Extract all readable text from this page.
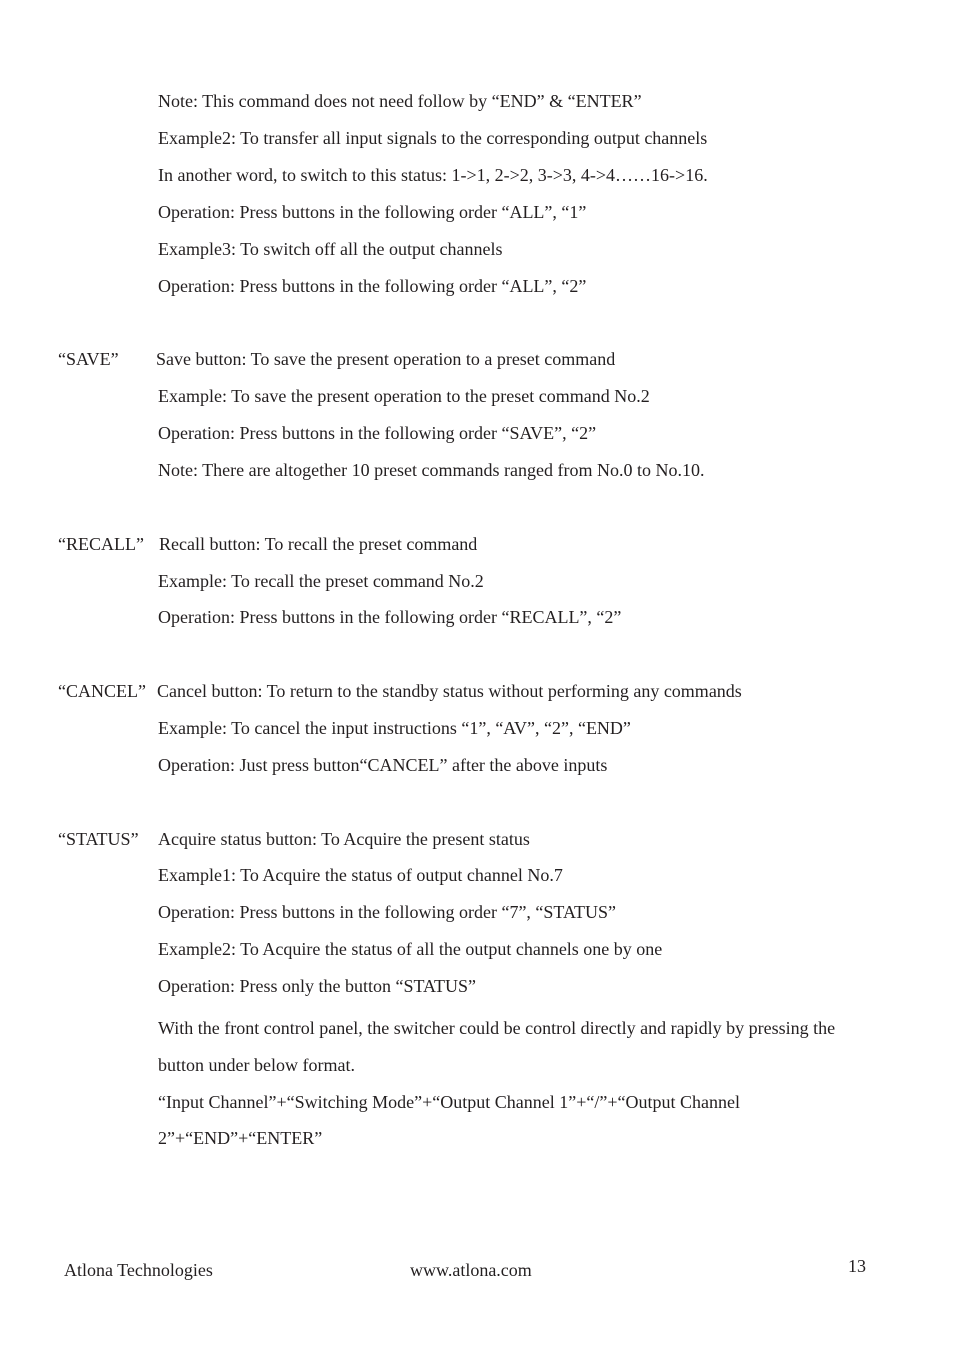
Note: This command does not need follow by “END” & “ENTER”
Example2: To transfer all input signals to the corresponding output channels
In another word, to switch to this status: 1->1, 2->2, 3->3, 4->4……16->16.
Operation: Press buttons in the following order “ALL”, “1”
Example3: To switch off all the output channels
Operation: Press buttons in the following order “ALL”, “2”
“SAVE” Save button: To save the present operation to a preset command
Example: To save the present operation to the preset command No.2
Operation: Press buttons in the following order “SAVE”, “2”
Note: There are altogether 10 preset commands ranged from No.0 to No.10.
“RECALL” Recall button: To recall the preset command
Example: To recall the preset command No.2
Operation: Press buttons in the following order “RECALL”, “2”
“CANCEL” Cancel button: To return to the standby status without performing any commands
Example: To cancel the input instructions “1”, “AV”, “2”, “END”
Operation: Just press button“CANCEL” after the above inputs
“STATUS” Acquire status button: To Acquire the present status
Example1: To Acquire the status of output channel No.7
Operation: Press buttons in the following order “7”, “STATUS”
Example2: To Acquire the status of all the output channels one by one
Operation: Press only the button “STATUS”
With the front control panel, the switcher could be control directly and rapidly by pressing the
button under below format.
“Input Channel”+“Switching Mode”+“Output Channel 1”+“/”+“Output Channel
2”+“END”+“ENTER”
Atlona Technologies	www.atlona.com	13
